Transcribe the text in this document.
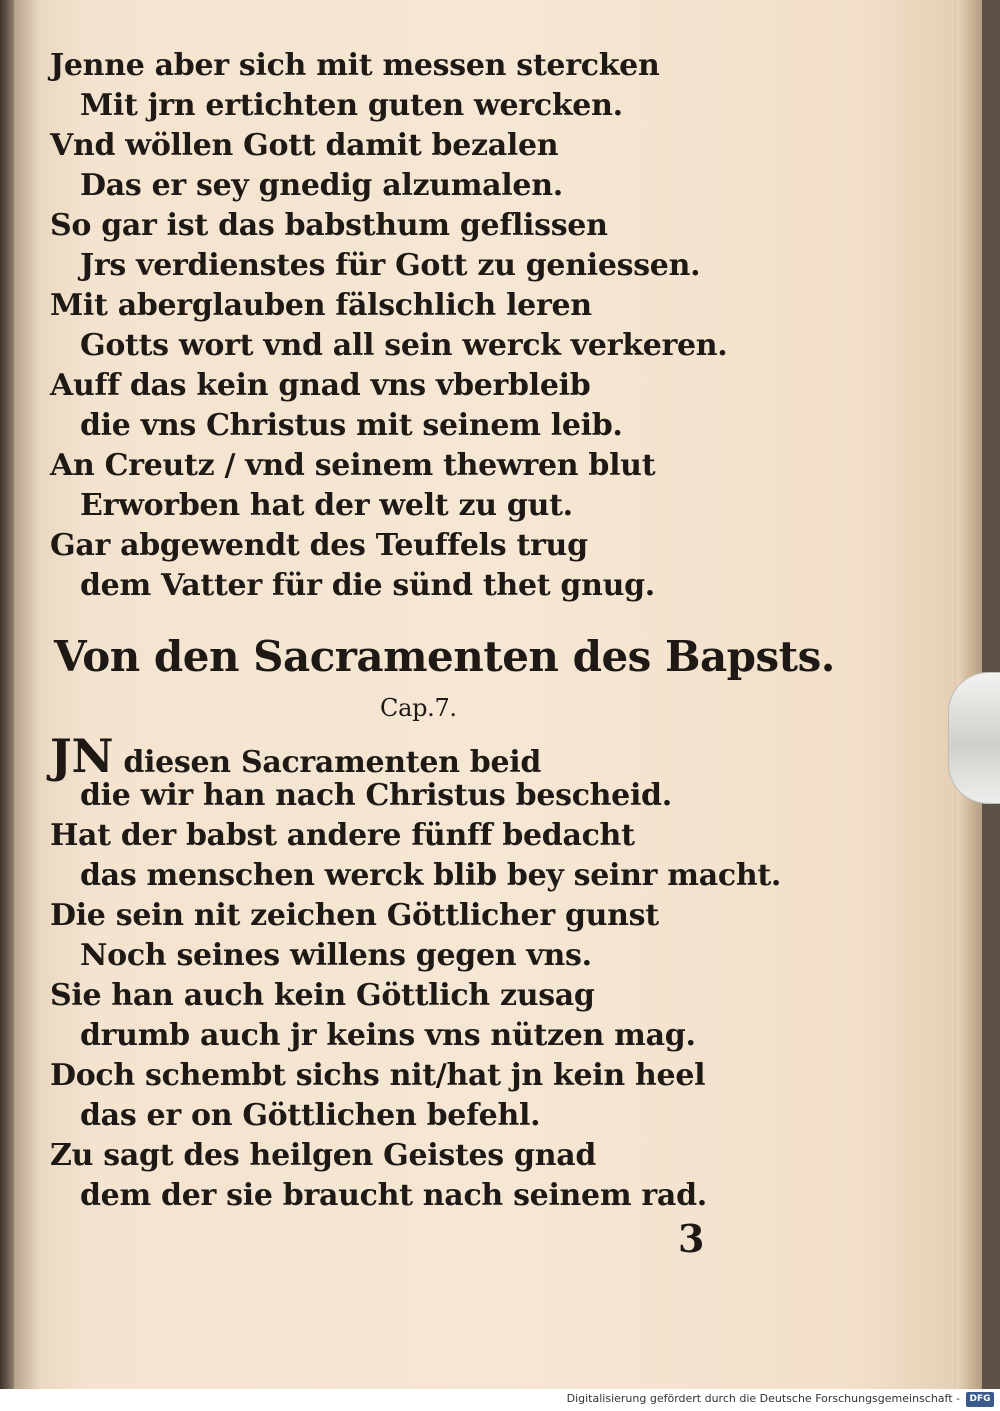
Jenne aber sich mit messen stercken
Mit jrn ertichten guten wercken.
Vnd wöllen Gott damit bezalen
Das er sey gnedig alzumalen.
So gar ist das babsthum geflissen
Jrs verdienstes für Gott zu geniessen.
Mit aberglauben fälschlich leren
Gotts wort vnd all sein werck verkeren.
Auff das kein gnad vns vberbleib
die vns Christus mit seinem leib.
An Creutz / vnd seinem thewren blut
Erworben hat der welt zu gut.
Gar abgewendt des Teuffels trug
dem Vatter für die sünd thet gnug.
Von den Sacramenten des Bapsts.
Cap.7.
JN diesen Sacramenten beid
die wir han nach Christus bescheid.
Hat der babst andere fünff bedacht
das menschen werck blib bey seinr macht.
Die sein nit zeichen Göttlicher gunst
Noch seines willens gegen vns.
Sie han auch kein Göttlich zusag
drumb auch jr keins vns nützen mag.
Doch schembt sichs nit/hat jn kein heel
das er on Göttlichen befehl.
Zu sagt des heilgen Geistes gnad
dem der sie braucht nach seinem rad.
3
Digitalisierung gefördert durch die Deutsche Forschungsgemeinschaft -	DFG
